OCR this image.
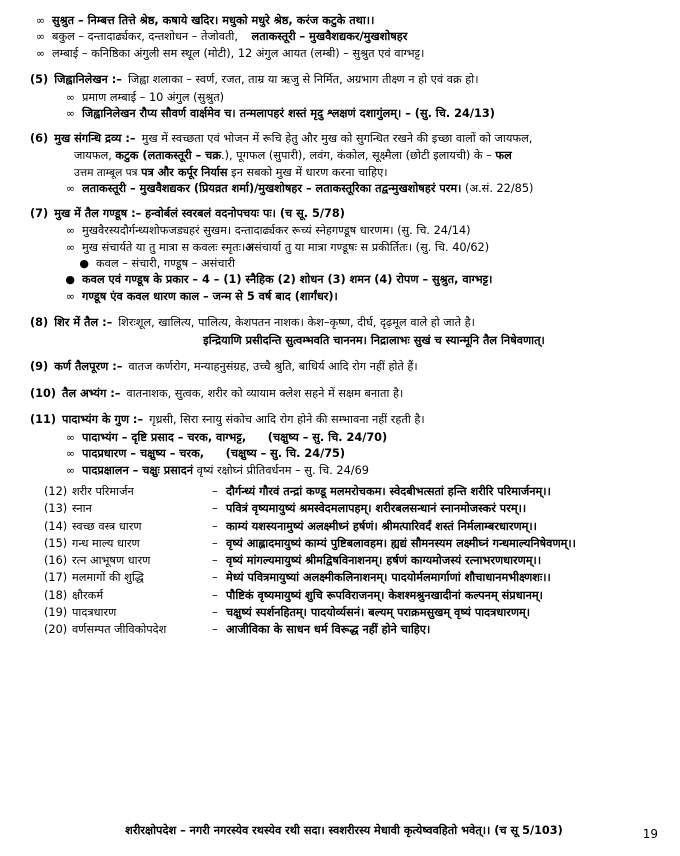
∞ सुश्रुत – निम्बत्त तित्ते श्रेष्ठ, कषाये खदिर। मधुको मधुरे श्रेष्ठ, करंज कटुके तथा।।
∞ बकुल – दन्तादार्ढ्यकर, दन्तशोधन – तेजोवती, लताकस्तूरी – मुखवैशद्यकर/मुखशोषहर
∞ लम्बाई – कनिष्ठिका अंगुली सम स्थूल (मोटी), 12 अंगुल आयत (लम्बी) – सुश्रुत एवं वाग्भट्ट।
(5) जिह्वानिलेखन :– जिह्वा शलाका – स्वर्ण, रजत, ताम्र या ऋजु से निर्मित, अग्रभाग तीक्ष्ण न हो एवं वक्र हो।
∞ प्रमाण लम्बाई – 10 अंगुल (सुश्रुत)
∞ जिह्वानिलेखन रौप्य सौवर्ण वार्क्षमेव च। तन्मलापहरं शस्तं मृदु श्लक्षणं दशागुंलम्। – (सु. चि. 24/13)
(6) मुख संगन्धि द्रव्य :– मुख में स्वच्छता एवं भोजन में रूचि हेतु और मुख को सुगन्धित रखने की इच्छा वालों को जायफल,
जायफल, कटुक (लताकस्तूरी – चक्र.), पूगफल (सुपारी), लवंग, कंकोल, सूक्ष्मैला (छोटी इलायची) के – फल
उत्तम ताम्बूल पत्र पत्र और कर्पूर निर्यास इन सबको मुख में धारण करना चाहिए।
∞ लताकस्तूरी – मुखवैशद्यकर (प्रियव्रत शर्मा)/मुखशोषहर – लताकस्तूरिका तद्वन्मुखशोषहरं परम। (अ.सं. 22/85)
(7) मुख में तैल गण्डूष :– हन्वोर्बलं स्वरबलं वदनोपचयः पः। (च सू. 5/78)
∞ मुखवैरस्यदौर्गन्ध्यशोफजड्यहरं सुखम। दन्तादार्ढ्यकर रूच्यं स्नेहगण्डूष धारणम। (सु. चि. 24/14)
∞ मुख संचार्यते या तु मात्रा स कवलः स्मृतः।असंचार्या तु या मात्रा गण्डूषः स प्रकीर्तितः। (सु. चि. 40/62)
● कवल – संचारी, गण्डूष – असंचारी
● कवल एवं गण्डूष के प्रकार – 4 – (1) स्नैहिक (2) शोधन (3) शमन (4) रोपण – सुश्रुत, वाग्भट्ट।
∞ गण्डूष एंव कवल धारण काल – जन्म से 5 वर्ष बाद (शार्गंधर)।
(8) शिर में तैल :– शिरःशूल, खालित्य, पालित्य, केशपतन नाशक। केश–कृष्ण, दीर्घ, दृढ़मूल वाले हो जाते है।
इन्द्रियाणि प्रसीदन्ति सुत्वम्भवति चाननम। निद्रालाभः सुखं च स्यान्मूनि तैल निषेवणात्।
(9) कर्ण तैलपूरण :– वातज कर्णरोग, मन्याहनुसंग्रह, उच्चै श्रुति, बाधिर्य आदि रोग नहीं होते हैं।
(10) तैल अभ्यंग :– वातनाशक, सुत्वक, शरीर को व्यायाम क्लेश सहने में सक्षम बनाता है।
(11) पादाभ्यंग के गुण :– गृध्रसी, सिरा स्नायु संकोच आदि रोग होने की सम्भावना नहीं रहती है।
∞ पादाभ्यंग – दृष्टि प्रसाद – चरक, वाग्भट्ट, (चक्षुष्य – सु. चि. 24/70)
∞ पादप्रधारण – चक्षुष्य – चरक, (चक्षुष्य – सु. चि. 24/75)
∞ पादप्रक्षालन – चक्षुः प्रसादनं वृष्यं रक्षोघ्नं प्रीतिवर्धनम – सु. चि. 24/69
(12) शरीर परिमार्जन	– दौर्गन्ध्यं गौरवं तन्द्रां कण्डू मलमरोचकम। स्वेदबीभत्सतां हन्ति शरीरि परिमार्जनम्।।
(13) स्नान	– पवित्रं वृष्यमायुष्यं श्रमस्वेदमलापहम्। शरीरबलसन्धानं स्नानमोजस्करं परम्।।
(14) स्वच्छ वस्त्र धारण	– काम्यं यशस्यनामुष्यं अलक्ष्मीध्नं हर्षणं। श्रीमत्पारिवर्दं शस्तं निर्मलाम्बरधारणम्।।
(15) गन्ध माल्य धारण	– वृष्यं आह्लादमायुष्यं काम्यं पुष्टिबलावहम। ह्यद्यं सौमनस्यम लक्ष्मीघ्नं गन्धमाल्यनिषेवणम्।।
(16) रत्न आभूषण धारण	– वृष्यं मांगल्यमायुष्यं श्रीमद्विषविनाशनम्। हर्षणं काग्यमोजस्यं रत्नाभरणधारणम्।।
(17) मलमागों की शुद्धि	– मेध्यं पवित्रमायुष्यां अलक्ष्मीकलिनाशनम्। पादयोर्मलमार्गाणां शौचाधानमभीक्ष्णशः।।
(18) क्षौरकर्म	– पौष्टिकं वृष्यमायुष्यं शुचि रूपविराजनम्। केशश्मश्रुनखादीनां कल्पनम् संप्रधानम्।
(19) पादत्रधारण	– चक्षुष्यं स्पर्शनहितम्। पादयोर्व्यसनं। बल्यम् पराक्रमसुखम् वृष्यं पादत्रधारणम्।
(20) वर्णसम्पत जीविकोपदेश	– आजीविका के साधन धर्म विरूद्ध नहीं होने चाहिए।
शरीरक्षोपदेश – नगरी नगरस्येव रथस्येव रथी सदा। स्वशरीरस्य मेधावी कृत्येष्ववहितो भवेत्।। (च सू 5/103)	19
